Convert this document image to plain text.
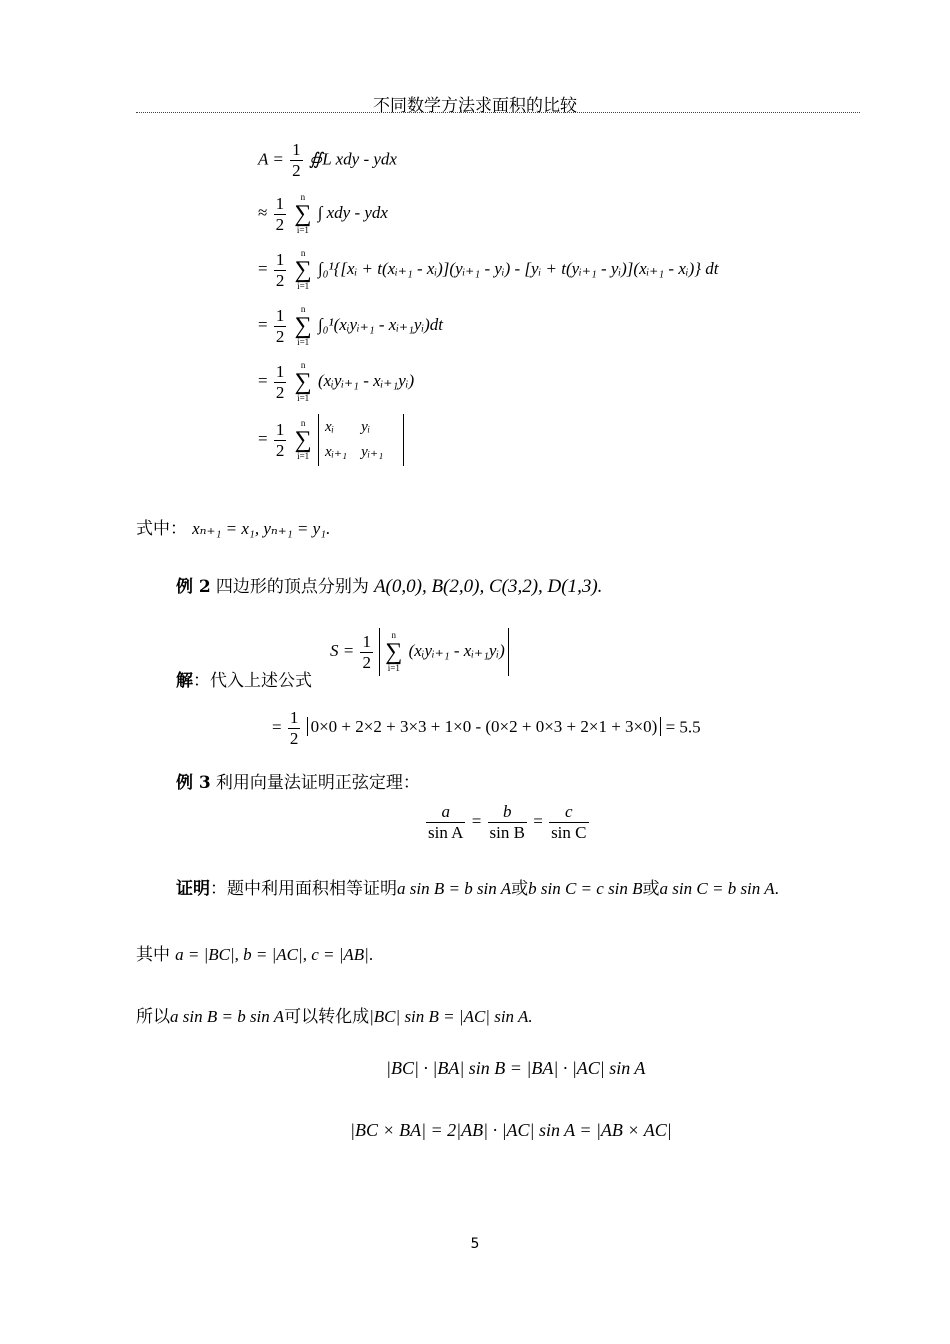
不同数学方法求面积的比较
$A = \frac{1}{2}$ ∯L xdy - ydx
≈ $\frac{1}{2}$
	n
∑
i=1
∫ xdy - ydx
= $\frac{1}{2}$
	n
∑
i=1
∫₀¹{[xᵢ + t(xᵢ₊₁ - xᵢ)](yᵢ₊₁ - yᵢ) - [yᵢ + t(yᵢ₊₁ - yᵢ)](xᵢ₊₁ - xᵢ)} dt
= $\frac{1}{2}$
	n
∑
i=1
∫₀¹(xᵢyᵢ₊₁ - xᵢ₊₁yᵢ)dt
= $\frac{1}{2}$
	n
∑
i=1
(xᵢyᵢ₊₁ - xᵢ₊₁yᵢ)
= $\frac{1}{2}$
	n
∑
i=1

xᵢ	yᵢ
xᵢ₊₁	yᵢ₊₁
式中： xₙ₊₁ = x₁, yₙ₊₁ = y₁.
例 2 四边形的顶点分别为 A(0,0), B(2,0), C(3,2), D(1,3).
解：代入上述公式
$S = \frac{1}{2}$
	n
∑
i=1
(xᵢyᵢ₊₁ - xᵢ₊₁yᵢ)
= $\frac{1}{2} 0\times 0 + 2\times 2 + 3\times 3 + 1\times 0 - (0\times 2 + 0\times 3 + 2\times 1 + 3\times 0) = 5.5$
例 3 利用向量法证明正弦定理：
$\frac{a}{\text{sin A}} = \frac{b}{\text{sin B}} = \frac{c}{\text{sin C}}$
证明：题中利用面积相等证明a sin B = b sin A或b sin C = c sin B或a sin C = b sin A.
其中 a = |BC|, b = |AC|, c = |AB|.
所以a sin B = b sin A可以转化成|BC| sin B = |AC| sin A.
|BC| · |BA| sin B = |BA| · |AC| sin A
|BC × BA| = 2|AB| · |AC| sin A = |AB × AC|
5
